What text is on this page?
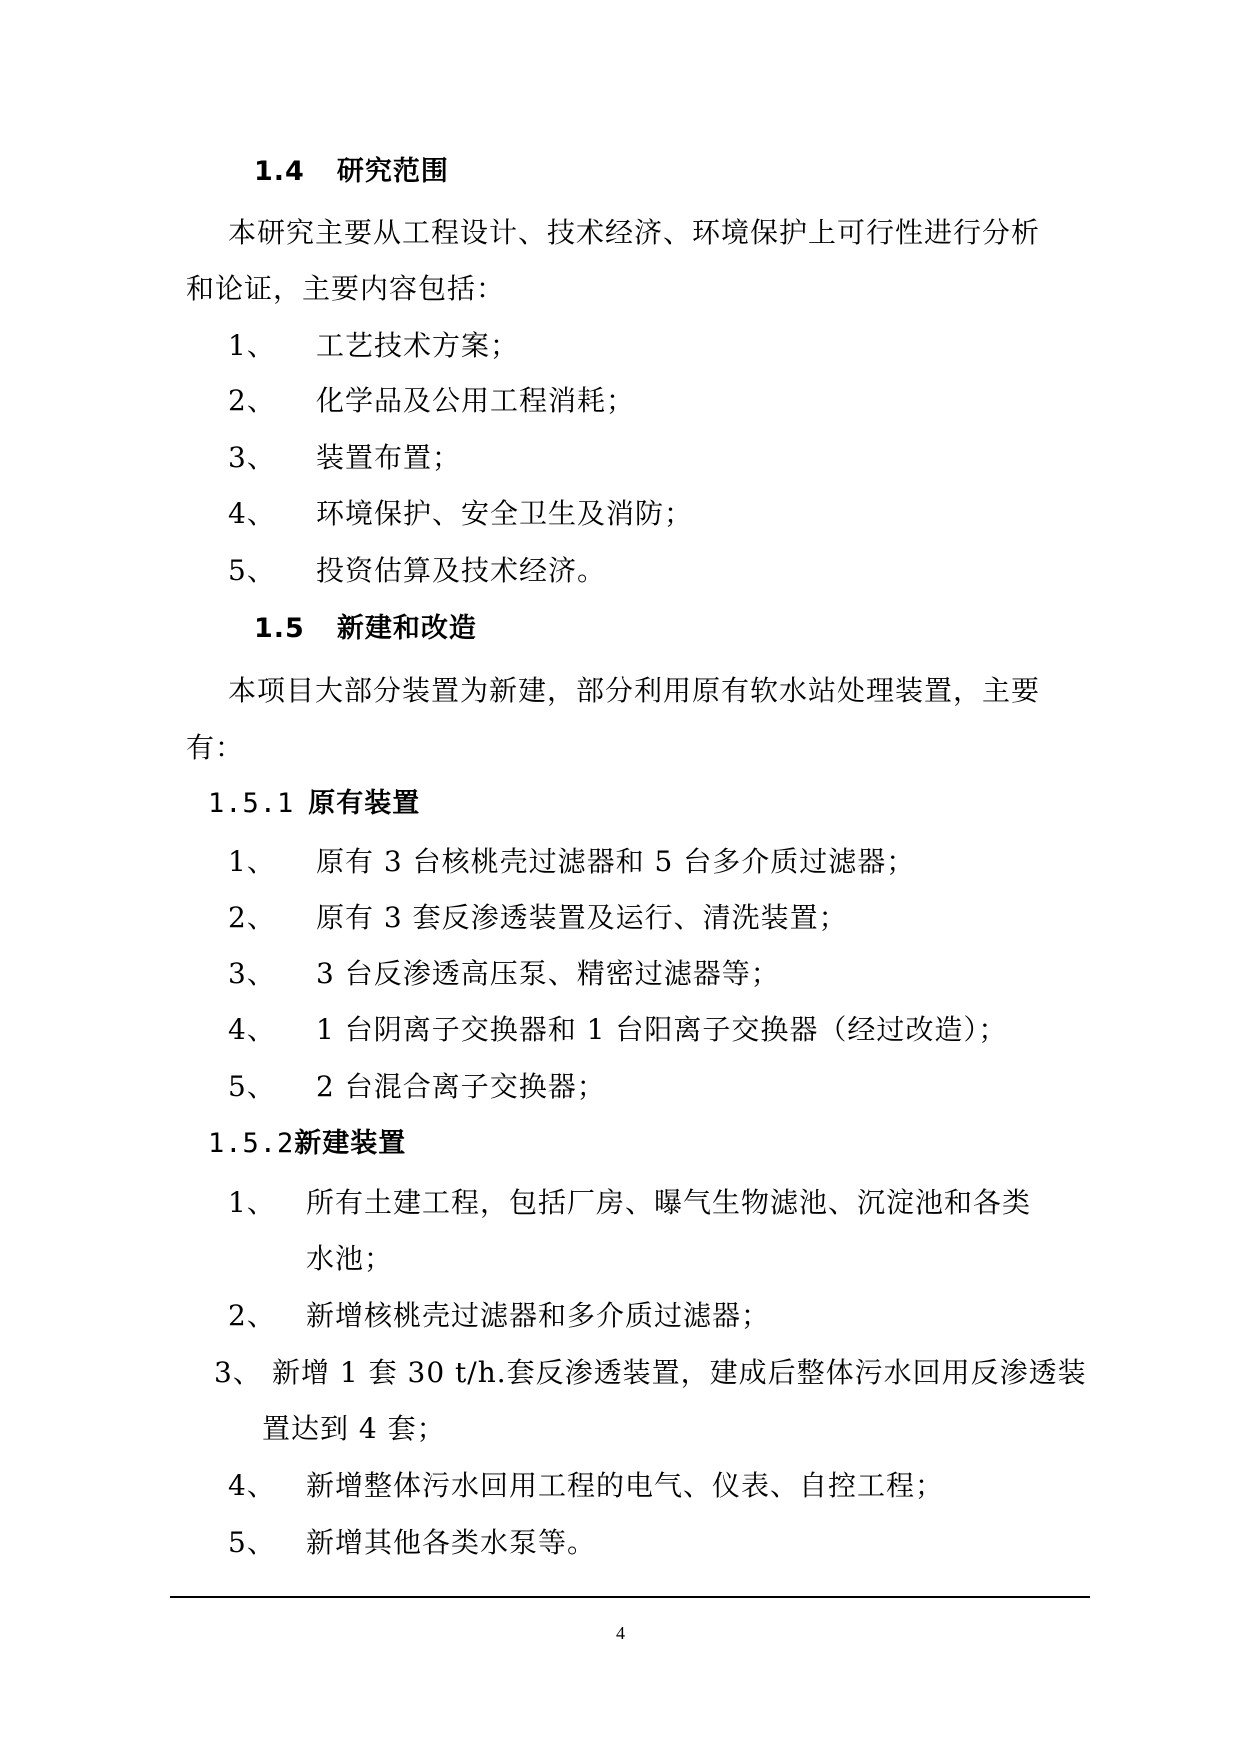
1.4 研究范围
本研究主要从工程设计、技术经济、环境保护上可行性进行分析
和论证，主要内容包括：
1、 工艺技术方案；
2、 化学品及公用工程消耗；
3、 装置布置；
4、 环境保护、安全卫生及消防；
5、 投资估算及技术经济。
1.5 新建和改造
本项目大部分装置为新建，部分利用原有软水站处理装置，主要
有：
1.5.1 原有装置
1、 原有 3 台核桃壳过滤器和 5 台多介质过滤器；
2、 原有 3 套反渗透装置及运行、清洗装置；
3、 3 台反渗透高压泵、精密过滤器等；
4、 1 台阴离子交换器和 1 台阳离子交换器（经过改造）；
5、 2 台混合离子交换器；
1.5.2新建装置
1、 所有土建工程，包括厂房、曝气生物滤池、沉淀池和各类
水池；
2、 新增核桃壳过滤器和多介质过滤器；
3、 新增 1 套 30 t/h.套反渗透装置，建成后整体污水回用反渗透装
置达到 4 套；
4、 新增整体污水回用工程的电气、仪表、自控工程；
5、 新增其他各类水泵等。
4
